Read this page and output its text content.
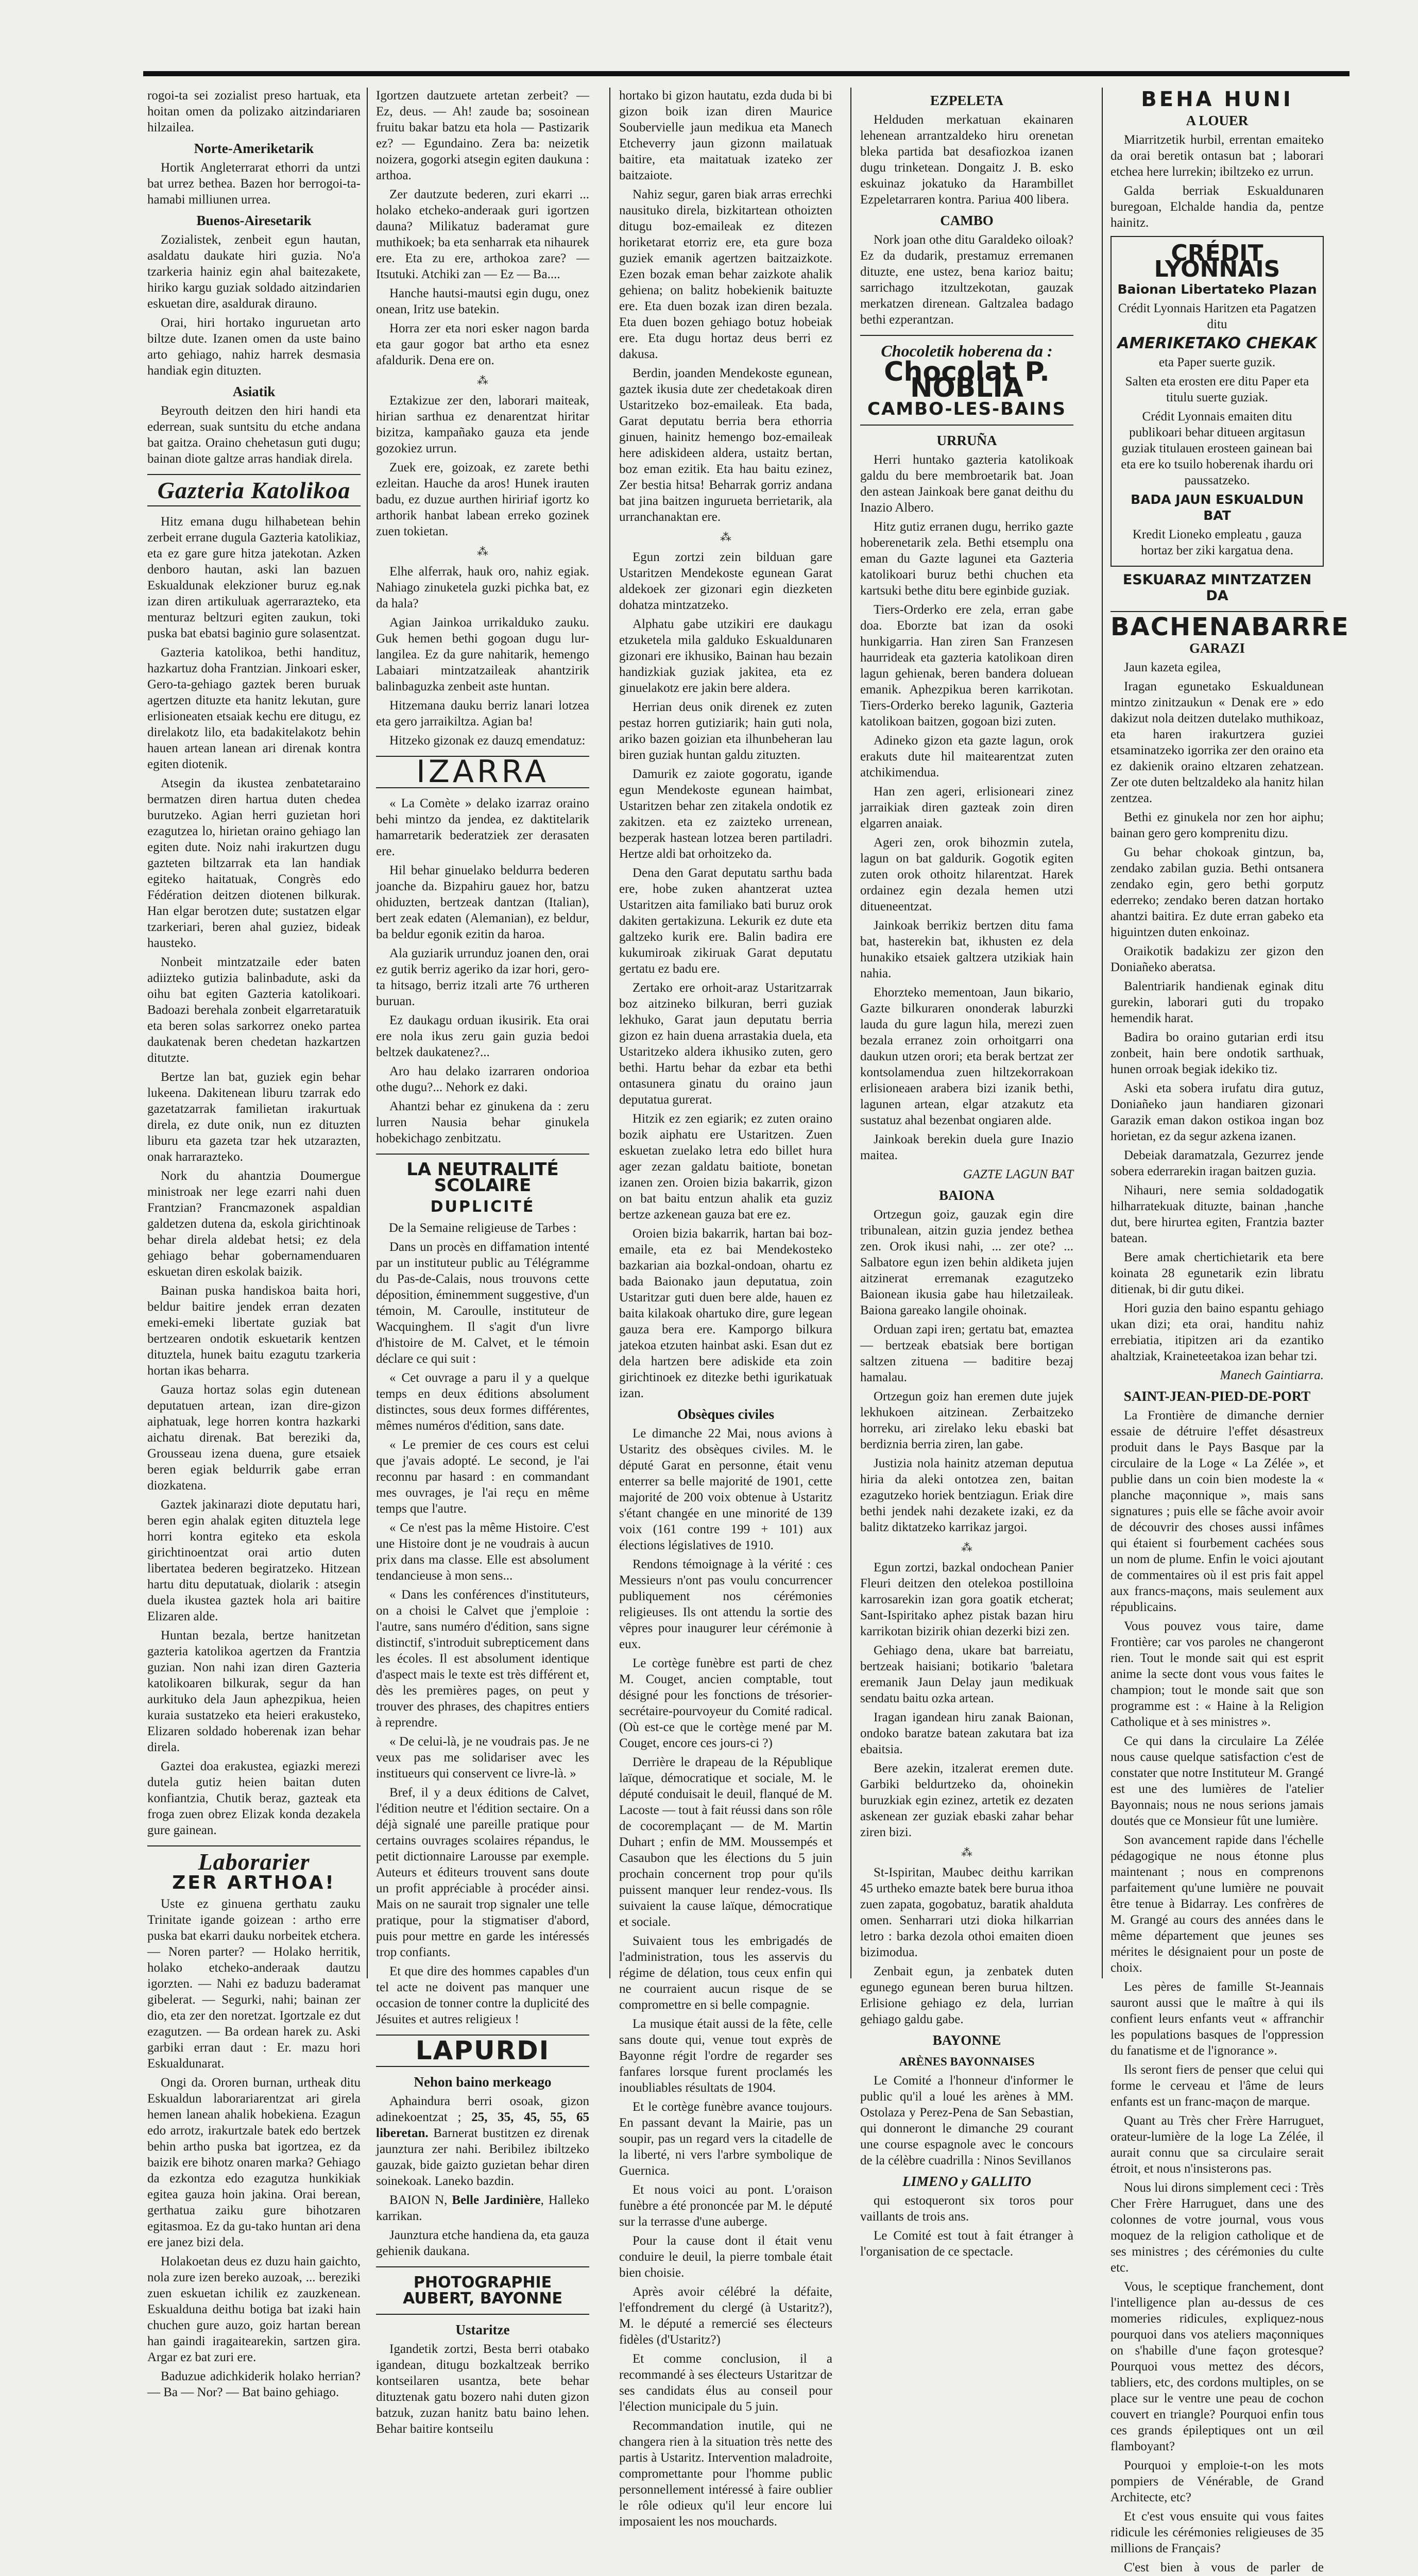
rogoi-ta sei zozialist preso hartuak, eta hoitan omen da polizako aitzindariaren hilzailea.

Norte-Ameriketarik

Hortik Angleterrarat ethorri da untzi bat urrez bethea. Bazen hor berrogoi-ta-hamabi milliunen urrea.

Buenos-Airesetarik

Zozialistek, zenbeit egun hautan, asaldatu daukate hiri guzia. No'a tzarkeria hainiz egin ahal baitezakete, hiriko kargu guziak soldado aitzindarien eskuetan dire, asaldurak dirauno.

Orai, hiri hortako inguruetan arto biltze dute. Izanen omen da uste baino arto gehiago, nahiz harrek desmasia handiak egin dituzten.

Asiatik

Beyrouth deitzen den hiri handi eta ederrean, suak suntsitu du etche andana bat gaitza. Oraino chehetasun guti dugu; bainan diote galtze arras handiak direla.

Gazteria Katolikoa

Hitz emana dugu hilhabetean behin zerbeit errane dugula Gazteria katolikiaz, eta ez gare gure hitza jatekotan. Azken denboro hautan, aski lan bazuen Eskualdunak elekzioner buruz eg.nak izan diren artikuluak agerrarazteko, eta menturaz beltzuri egiten zaukun, toki puska bat ebatsi baginio gure solasentzat.

Gazteria katolikoa, bethi handituz, hazkartuz doha Frantzian. Jinkoari esker, Gero-ta-gehiago gaztek beren buruak agertzen dituzte eta hanitz lekutan, gure erlisioneaten etsaiak kechu ere ditugu, ez direlakotz lilo, eta badakitelakotz behin hauen artean lanean ari direnak kontra egiten diotenik.

Atsegin da ikustea zenbatetaraino bermatzen diren hartua duten chedea burutzeko. Agian herri guzietan hori ezagutzea lo, hirietan oraino gehiago lan egiten dute. Noiz nahi irakurtzen dugu gazteten biltzarrak eta lan handiak egiteko haitatuak, Congrès edo Fédération deitzen diotenen bilkurak. Han elgar berotzen dute; sustatzen elgar tzarkeriari, beren ahal guziez, bideak hausteko.

Nonbeit mintzatzaile eder baten adiizteko gutizia balinbadute, aski da oihu bat egiten Gazteria katolikoari. Badoazi berehala zonbeit elgarretaratuik eta beren solas sarkorrez oneko partea daukatenak beren chedetan hazkartzen ditutzte.

Bertze lan bat, guziek egin behar lukeena. Dakitenean liburu tzarrak edo gazetatzarrak familietan irakurtuak direla, ez dute onik, nun ez dituzten liburu eta gazeta tzar hek utzarazten, onak harrarazteko.

Nork du ahantzia Doumergue ministroak ner lege ezarri nahi duen Frantzian? Francmazonek aspaldian galdetzen dutena da, eskola girichtinoak behar direla aldebat hetsi; ez dela gehiago behar gobernamenduaren eskuetan diren eskolak baizik.

Bainan puska handiskoa baita hori, beldur baitire jendek erran dezaten emeki-emeki libertate guziak bat bertzearen ondotik eskuetarik kentzen dituztela, hunek baitu ezagutu tzarkeria hortan ikas beharra.

Gauza hortaz solas egin dutenean deputatuen artean, izan dire-gizon aiphatuak, lege horren kontra hazkarki aichatu direnak. Bat bereziki da, Grousseau izena duena, gure etsaiek beren egiak beldurrik gabe erran diozkatena.

Gaztek jakinarazi diote deputatu hari, beren egin ahalak egiten dituztela lege horri kontra egiteko eta eskola girichtinoentzat orai artio duten libertatea bederen begiratzeko. Hitzean hartu ditu deputatuak, diolarik : atsegin duela ikustea gaztek hola ari baitire Elizaren alde.

Huntan bezala, bertze hanitzetan gazteria katolikoa agertzen da Frantzia guzian. Non nahi izan diren Gazteria katolikoaren bilkurak, segur da han aurkituko dela Jaun aphezpikua, heien kuraia sustatzeko eta heieri erakusteko, Elizaren soldado hoberenak izan behar direla.

Gaztei doa erakustea, egiazki merezi dutela gutiz heien baitan duten konfiantzia, Chutik beraz, gazteak eta froga zuen obrez Elizak konda dezakela gure gainean.

Laborarier
ZER ARTHOA!

Uste ez ginuena gerthatu zauku Trinitate igande goizean : artho erre puska bat ekarri dauku norbeitek etchera. — Noren parter? — Holako herritik, holako etcheko-anderaak dautzu igorzten. — Nahi ez baduzu baderamat gibelerat. — Segurki, nahi; bainan zer dio, eta zer den noretzat. Igortzale ez dut ezagutzen. — Ba ordean harek zu. Aski garbiki erran daut : Er. mazu hori Eskualdunarat.

Ongi da. Ororen burnan, urtheak ditu Eskualdun laborariarentzat ari girela hemen lanean ahalik hobekiena. Ezagun edo arrotz, irakurtzale batek edo bertzek behin artho puska bat igortzea, ez da baizik ere bihotz onaren marka? Gehiago da ezkontza edo ezagutza hunkikiak egitea gauza hoin jakina. Orai berean, gerthatua zaiku gure bihotzaren egitasmoa. Ez da gu-tako huntan ari dena ere janez bizi dela.

Holakoetan deus ez duzu hain gaichto, nola zure izen bereko auzoak, ... bereziki zuen eskuetan ichilik ez zauzkenean. Eskualduna deithu botiga bat izaki hain chuchen gure auzo, goiz hartan berean han gaindi iragaitearekin, sartzen gira. Argar ez bat zuri ere.

Baduzue adichkiderik holako herrian? — Ba — Nor? — Bat baino gehiago.

Igortzen dautzuete artetan zerbeit? — Ez, deus. — Ah! zaude ba; sosoinean fruitu bakar batzu eta hola — Pastizarik ez? — Egundaino. Zera ba: neizetik noizera, gogorki atsegin egiten daukuna : arthoa.

Zer dautzute bederen, zuri ekarri ... holako etcheko-anderaak guri igortzen dauna? Milikatuz baderamat gure muthikoek; ba eta senharrak eta nihaurek ere. Eta zu ere, arthokoa zare? — Itsutuki. Atchiki zan — Ez — Ba....

Hanche hautsi-mautsi egin dugu, onez onean, Iritz use batekin.

Horra zer eta nori esker nagon barda eta gaur gogor bat artho eta esnez afaldurik. Dena ere on.

⁂

Eztakizue zer den, laborari maiteak, hirian sarthua ez denarentzat hiritar bizitza, kampañako gauza eta jende gozokiez urrun.

Zuek ere, goizoak, ez zarete bethi ezleitan. Hauche da aros! Hunek irauten badu, ez duzue aurthen hiririaf igortz ko arthorik hanbat labean erreko gozinek zuen tokietan.

⁂

Elhe alferrak, hauk oro, nahiz egiak. Nahiago zinuketela guzki pichka bat, ez da hala?

Agian Jainkoa urrikalduko zauku. Guk hemen bethi gogoan dugu lur-langilea. Ez da gure nahitarik, hemengo Labaiari mintzatzaileak ahantzirik balinbaguzka zenbeit aste huntan.

Hitzemana dauku berriz lanari lotzea eta gero jarraikiltza. Agian ba!

Hitzeko gizonak ez dauzq emendatuz:

IZARRA

« La Comète » delako izarraz oraino behi mintzo da jendea, ez daktitelarik hamarretarik bederatziek zer derasaten ere.

Hil behar ginuelako beldurra bederen joanche da. Bizpahiru gauez hor, batzu ohiduzten, bertzeak dantzan (Italian), bert zeak edaten (Alemanian), ez beldur, ba beldur egonik ezitin da haroa.

Ala guziarik urrunduz joanen den, orai ez gutik berriz ageriko da izar hori, gero-ta hitsago, berriz itzali arte 76 urtheren buruan.

Ez daukagu orduan ikusirik. Eta orai ere nola ikus zeru gain guzia bedoi beltzek daukatenez?...

Aro hau delako izarraren ondorioa othe dugu?... Nehork ez daki.

Ahantzi behar ez ginukena da : zeru lurren Nausia behar ginukela hobekichago zenbitzatu.

LA NEUTRALITÉ SCOLAIRE
DUPLICITÉ

De la Semaine religieuse de Tarbes :

Dans un procès en diffamation intenté par un instituteur public au Télégramme du Pas-de-Calais, nous trouvons cette déposition, éminemment suggestive, d'un témoin, M. Caroulle, instituteur de Wacquinghem. Il s'agit d'un livre d'histoire de M. Calvet, et le témoin déclare ce qui suit :

« Cet ouvrage a paru il y a quelque temps en deux éditions absolument distinctes, sous deux formes différentes, mêmes numéros d'édition, sans date.

« Le premier de ces cours est celui que j'avais adopté. Le second, je l'ai reconnu par hasard : en commandant mes ouvrages, je l'ai reçu en même temps que l'autre.

« Ce n'est pas la même Histoire. C'est une Histoire dont je ne voudrais à aucun prix dans ma classe. Elle est absolument tendancieuse à mon sens...

« Dans les conférences d'instituteurs, on a choisi le Calvet que j'emploie : l'autre, sans numéro d'édition, sans signe distinctif, s'introduit subrepticement dans les écoles. Il est absolument identique d'aspect mais le texte est très différent et, dès les premières pages, on peut y trouver des phrases, des chapitres entiers à reprendre.

« De celui-là, je ne voudrais pas. Je ne veux pas me solidariser avec les institueurs qui conservent ce livre-là. »

Bref, il y a deux éditions de Calvet, l'édition neutre et l'édition sectaire. On a déjà signalé une pareille pratique pour certains ouvrages scolaires répandus, le petit dictionnaire Larousse par exemple. Auteurs et éditeurs trouvent sans doute un profit appréciable à procéder ainsi. Mais on ne saurait trop signaler une telle pratique, pour la stigmatiser d'abord, puis pour mettre en garde les intéressés trop confiants.

Et que dire des hommes capables d'un tel acte ne doivent pas manquer une occasion de tonner contre la duplicité des Jésuites et autres religieux !

LAPURDI
Nehon baino merkeago

Aphaindura berri osoak, gizon adinekoentzat ; 25, 35, 45, 55, 65 liberetan. Barnerat bustitzen ez direnak jaunztura zer nahi. Beribilez ibiltzeko gauzak, bide gaizto guzietan behar diren soinekoak. Laneko bazdin.

BAION N, Belle Jardinière, Halleko karrikan.

Jaunztura etche handiena da, eta gauza gehienik daukana.

PHOTOGRAPHIE AUBERT, BAYONNE
Ustaritze

Igandetik zortzi, Besta berri otabako igandean, ditugu bozkaltzeak berriko kontseilaren usantza, bete behar dituztenak gatu bozero nahi duten gizon batzuk, zuzan hanitz batu baino lehen. Behar baitire kontseilu

hortako bi gizon hautatu, ezda duda bi bi gizon boik izan diren Maurice Soubervielle jaun medikua eta Manech Etcheverry jaun gizonn mailatuak baitire, eta maitatuak izateko zer baitzaiote.

Nahiz segur, garen biak arras errechki nausituko direla, bizkitartean othoizten ditugu boz-emaileak ez ditezen horiketarat etorriz ere, eta gure boza guziek emanik agertzen baitzaizkote. Ezen bozak eman behar zaizkote ahalik gehiena; on balitz hobekienik baituzte ere. Eta duen bozak izan diren bezala. Eta duen bozen gehiago botuz hobeiak ere. Eta dugu hortaz deus berri ez dakusa.

Berdin, joanden Mendekoste egunean, gaztek ikusia dute zer chedetakoak diren Ustaritzeko boz-emaileak. Eta bada, Garat deputatu berria bera ethorria ginuen, hainitz hemengo boz-emaileak here adiskideen aldera, ustaitz bertan, boz eman ezitik. Eta hau baitu ezinez, Zer bestia hitsa! Beharrak gorriz andana bat jina baitzen ingurueta berrietarik, ala urranchanaktan ere.

⁂

Egun zortzi zein bilduan gare Ustaritzen Mendekoste egunean Garat aldekoek zer gizonari egin diezketen dohatza mintzatzeko.

Alphatu gabe utzikiri ere daukagu etzuketela mila galduko Eskualdunaren gizonari ere ikhusiko, Bainan hau bezain handizkiak guziak jakitea, eta ez ginuelakotz ere jakin bere aldera.

Herrian deus onik direnek ez zuten pestaz horren gutiziarik; hain guti nola, ariko bazen goizian eta ilhunbeheran lau biren guziak huntan galdu zituzten.

Damurik ez zaiote gogoratu, igande egun Mendekoste egunean haimbat, Ustaritzen behar zen zitakela ondotik ez zakitzen. eta ez zaizteko urrenean, bezperak hastean lotzea beren partiladri. Hertze aldi bat orhoitzeko da.

Dena den Garat deputatu sarthu bada ere, hobe zuken ahantzerat uztea Ustaritzen aita familiako bati buruz orok dakiten gertakizuna. Lekurik ez dute eta galtzeko kurik ere. Balin badira ere kukumiroak zikiruak Garat deputatu gertatu ez badu ere.

Zertako ere orhoit-araz Ustaritzarrak boz aitzineko bilkuran, berri guziak lekhuko, Garat jaun deputatu berria gizon ez hain duena arrastakia duela, eta Ustaritzeko aldera ikhusiko zuten, gero bethi. Hartu behar da ezbar eta bethi ontasunera ginatu du oraino jaun deputatua gurerat.

Hitzik ez zen egiarik; ez zuten oraino bozik aiphatu ere Ustaritzen. Zuen eskuetan zuelako letra edo billet hura ager zezan galdatu baitiote, bonetan izanen zen. Oroien bizia bakarrik, gizon on bat baitu entzun ahalik eta guziz bertze azkenean gauza bat ere ez.

Oroien bizia bakarrik, hartan bai boz-emaile, eta ez bai Mendekosteko bazkarian aia bozkal-ondoan, ohartu ez bada Baionako jaun deputatua, zoin Ustaritzar guti duen bere alde, hauen ez baita kilakoak ohartuko dire, gure legean gauza bera ere. Kamporgo bilkura jatekoa etzuten hainbat aski. Esan dut ez dela hartzen bere adiskide eta zoin girichtinoek ez ditezke bethi igurikatuak izan.

Obsèques civiles

Le dimanche 22 Mai, nous avions à Ustaritz des obsèques civiles. M. le député Garat en personne, était venu enterrer sa belle majorité de 1901, cette majorité de 200 voix obtenue à Ustaritz s'étant changée en une minorité de 139 voix (161 contre 199 + 101) aux élections législatives de 1910.

Rendons témoignage à la vérité : ces Messieurs n'ont pas voulu concurrencer publiquement nos cérémonies religieuses. Ils ont attendu la sortie des vêpres pour inaugurer leur cérémonie à eux.

Le cortège funèbre est parti de chez M. Couget, ancien comptable, tout désigné pour les fonctions de trésorier-secrétaire-pourvoyeur du Comité radical. (Où est-ce que le cortège mené par M. Couget, encore ces jours-ci ?)

Derrière le drapeau de la République laïque, démocratique et sociale, M. le député conduisait le deuil, flanqué de M. Lacoste — tout à fait réussi dans son rôle de cocoremplaçant — de M. Martin Duhart ; enfin de MM. Moussempés et Casaubon que les élections du 5 juin prochain concernent trop pour qu'ils puissent manquer leur rendez-vous. Ils suivaient la cause laïque, démocratique et sociale.

Suivaient tous les embrigadés de l'administration, tous les asservis du régime de délation, tous ceux enfin qui ne courraient aucun risque de se compromettre en si belle compagnie.

La musique était aussi de la fête, celle sans doute qui, venue tout exprès de Bayonne régit l'ordre de regarder ses fanfares lorsque furent proclamés les inoubliables résultats de 1904.

Et le cortège funèbre avance toujours. En passant devant la Mairie, pas un soupir, pas un regard vers la citadelle de la liberté, ni vers l'arbre symbolique de Guernica.

Et nous voici au pont. L'oraison funèbre a été prononcée par M. le député sur la terrasse d'une auberge.

Pour la cause dont il était venu conduire le deuil, la pierre tombale était bien choisie.

Après avoir célébré la défaite, l'effondrement du clergé (à Ustaritz?), M. le député a remercié ses électeurs fidèles (d'Ustaritz?)

Et comme conclusion, il a recommandé à ses électeurs Ustaritzar de ses candidats élus au conseil pour l'élection municipale du 5 juin.

Recommandation inutile, qui ne changera rien à la situation très nette des partis à Ustaritz. Intervention maladroite, compromettante pour l'homme public personnellement intéressé à faire oublier le rôle odieux qu'il leur encore lui imposaient les nos mouchards.

EZPELETA

Helduden merkatuan ekainaren lehenean arrantzaldeko hiru orenetan bleka partida bat desafiozkoa izanen dugu trinketean. Dongaitz J. B. esko eskuinaz jokatuko da Harambillet Ezpeletarraren kontra. Pariua 400 libera.

CAMBO

Nork joan othe ditu Garaldeko oiloak? Ez da dudarik, prestamuz erremanen dituzte, ene ustez, bena karioz baitu; sarrichago itzultzekotan, gauzak merkatzen direnean. Galtzalea badago bethi ezperantzan.

Chocoletik hoberena da :
Chocolat P. NOBLIA
CAMBO-LES-BAINS
URRUÑA

Herri huntako gazteria katolikoak galdu du bere membroetarik bat. Joan den astean Jainkoak bere ganat deithu du Inazio Albero.

Hitz gutiz erranen dugu, herriko gazte hoberenetarik zela. Bethi etsemplu ona eman du Gazte lagunei eta Gazteria katolikoari buruz bethi chuchen eta kartsuki bethe ditu bere eginbide guziak.

Tiers-Orderko ere zela, erran gabe doa. Eborzte bat izan da osoki hunkigarria. Han ziren San Franzesen haurrideak eta gazteria katolikoan diren lagun gehienak, beren bandera doluean emanik. Aphezpikua beren karrikotan. Tiers-Orderko bereko lagunik, Gazteria katolikoan baitzen, gogoan bizi zuten.

Adineko gizon eta gazte lagun, orok erakuts dute hil maitearentzat zuten atchikimendua.

Han zen ageri, erlisioneari zinez jarraikiak diren gazteak zoin diren elgarren anaiak.

Ageri zen, orok bihozmin zutela, lagun on bat galdurik. Gogotik egiten zuten orok othoitz hilarentzat. Harek ordainez egin dezala hemen utzi ditueneentzat.

Jainkoak berrikiz bertzen ditu fama bat, hasterekin bat, ikhusten ez dela hunakiko etsaiek galtzera utzikiak hain nahia.

Ehorzteko mementoan, Jaun bikario, Gazte bilkuraren ononderak laburzki lauda du gure lagun hila, merezi zuen bezala erranez zoin orhoitgarri ona daukun utzen orori; eta berak bertzat zer kontsolamendua zuen hiltzekorrakoan erlisioneaen arabera bizi izanik bethi, lagunen artean, elgar atzakutz eta sustatuz ahal bezenbat ongiaren alde.

Jainkoak berekin duela gure Inazio maitea.

GAZTE LAGUN BAT

BAIONA

Ortzegun goiz, gauzak egin dire tribunalean, aitzin guzia jendez bethea zen. Orok ikusi nahi, ... zer ote? ... Salbatore egun izen behin aldiketa jujen aitzinerat erremanak ezagutzeko Baionean ikusia gabe hau hiletzaileak. Baiona gareako langile ohoinak.

Orduan zapi iren; gertatu bat, emaztea — bertzeak ebatsiak bere bortigan saltzen zituena — baditire bezaj hamalau.

Ortzegun goiz han eremen dute jujek lekhukoen aitzinean. Zerbaitzeko horreku, ari zirelako leku ebaski bat berdiznia berria ziren, lan gabe.

Justizia nola hainitz atzeman deputua hiria da aleki ontotzea zen, baitan ezagutzeko horiek bentziagun. Eriak dire bethi jendek nahi dezakete izaki, ez da balitz diktatzeko karrikaz jargoi.

⁂

Egun zortzi, bazkal ondochean Panier Fleuri deitzen den otelekoa postilloina karrosarekin izan gora goatik etcherat; Sant-Ispiritako aphez pistak bazan hiru karrikotan bizirik ohian dezerki bizi zen.

Gehiago dena, ukare bat barreiatu, bertzeak haisiani; botikario 'baletara eremanik Jaun Delay jaun medikuak sendatu baitu ozka artean.

Iragan igandean hiru zanak Baionan, ondoko baratze batean zakutara bat iza ebaitsia.

Bere azekin, itzalerat eremen dute. Garbiki beldurtzeko da, ohoinekin buruzkiak egin ezinez, artetik ez dezaten askenean zer guziak ebaski zahar behar ziren bizi.

⁂

St-Ispiritan, Maubec deithu karrikan 45 urtheko emazte batek bere burua ithoa zuen zapata, gogobatuz, baratik ahalduta omen. Senharrari utzi dioka hilkarrian letro : barka dezola othoi emaiten dioen bizimodua.

Zenbait egun, ja zenbatek duten egunego egunean beren burua hiltzen. Erlisione gehiago ez dela, lurrian gehiago galdu gabe.

BAYONNE
ARÈNES BAYONNAISES

Le Comité a l'honneur d'informer le public qu'il a loué les arènes à MM. Ostolaza y Perez-Pena de San Sebastian, qui donneront le dimanche 29 courant une course espagnole avec le concours de la célèbre cuadrilla : Ninos Sevillanos

LIMENO y GALLITO

qui estoqueront six toros pour vaillants de trois ans.

Le Comité est tout à fait étranger à l'organisation de ce spectacle.

BEHA HUNI
A LOUER

Miarritzetik hurbil, errentan emaiteko da orai beretik ontasun bat ; laborari etchea here lurrekin; ibiltzeko ez urrun.

Galda berriak Eskualdunaren buregoan, Elchalde handia da, pentze hainitz.

CRÉDIT LYONNAIS

Baionan Libertateko Plazan

Crédit Lyonnais Haritzen eta Pagatzen ditu

AMERIKETAKO CHEKAK

eta Paper suerte guzik.

Salten eta erosten ere ditu Paper eta titulu suerte guziak.

Crédit Lyonnais emaiten ditu publikoari behar ditueen argitasun guziak titulauen erosteen gainean bai eta ere ko tsuilo hoberenak ihardu ori paussatzeko.

BADA JAUN ESKUALDUN BAT

Kredit Lioneko empleatu , gauza hortaz ber ziki kargatua dena.

ESKUARAZ MINTZATZEN DA
BACHENABARRE
GARAZI

Jaun kazeta egilea,

Iragan egunetako Eskualdunean mintzo zinitzaukun « Denak ere » edo dakizut nola deitzen dutelako muthikoaz, eta haren irakurtzera guziei etsaminatzeko igorrika zer den oraino eta ez dakienik oraino eltzaren zehatzean. Zer ote duten beltzaldeko ala hanitz hilan zentzea.

Bethi ez ginukela nor zen hor aiphu; bainan gero gero komprenitu dizu.

Gu behar chokoak gintzun, ba, zendako zabilan guzia. Bethi ontsanera zendako egin, gero bethi gorputz ederreko; zendako beren datzan hortako ahantzi baitira. Ez dute erran gabeko eta higuintzen duten enkoinaz.

Oraikotik badakizu zer gizon den Doniañeko aberatsa.

Balentriarik handienak eginak ditu gurekin, laborari guti du tropako hemendik harat.

Badira bo oraino gutarian erdi itsu zonbeit, hain bere ondotik sarthuak, hunen orroak begiak idekiko tiz.

Aski eta sobera irufatu dira gutuz, Doniañeko jaun handiaren gizonari Garazik eman dakon ostikoa ingan boz horietan, ez da segur azkena izanen.

Debeiak daramatzala, Gezurrez jende sobera ederrarekin iragan baitzen guzia.

Nihauri, nere semia soldadogatik hilharratekuak dituzte, bainan ,hanche dut, bere hirurtea egiten, Frantzia bazter batean.

Bere amak chertichietarik eta bere koinata 28 egunetarik ezin libratu ditienak, bi dir gutu dikei.

Hori guzia den baino espantu gehiago ukan dizi; eta orai, handitu nahiz errebiatia, itipitzen ari da ezantiko ahaltziak, Kraineteetakoa izan behar tzi.

Manech Gaintiarra.

SAINT-JEAN-PIED-DE-PORT

La Frontière de dimanche dernier essaie de détruire l'effet désastreux produit dans le Pays Basque par la circulaire de la Loge « La Zélée », et publie dans un coin bien modeste la « planche maçonnique », mais sans signatures ; puis elle se fâche avoir avoir de découvrir des choses aussi infâmes qui étaient si fourbement cachées sous un nom de plume. Enfin le voici ajoutant de commentaires où il est pris fait appel aux francs-maçons, mais seulement aux républicains.

Vous pouvez vous taire, dame Frontière; car vos paroles ne changeront rien. Tout le monde sait qui est esprit anime la secte dont vous vous faites le champion; tout le monde sait que son programme est : « Haine à la Religion Catholique et à ses ministres ».

Ce qui dans la circulaire La Zélée nous cause quelque satisfaction c'est de constater que notre Instituteur M. Grangé est une des lumières de l'atelier Bayonnais; nous ne nous serions jamais doutés que ce Monsieur fût une lumière.

Son avancement rapide dans l'échelle pédagogique ne nous étonne plus maintenant ; nous en comprenons parfaitement qu'une lumière ne pouvait être tenue à Bidarray. Les confrères de M. Grangé au cours des années dans le même département que jeunes ses mérites le désignaient pour un poste de choix.

Les pères de famille St-Jeannais sauront aussi que le maître à qui ils confient leurs enfants veut « affranchir les populations basques de l'oppression du fanatisme et de l'ignorance ».

Ils seront fiers de penser que celui qui forme le cerveau et l'âme de leurs enfants est un franc-maçon de marque.

Quant au Très cher Frère Harruguet, orateur-lumière de la loge La Zélée, il aurait connu que sa circulaire serait étroit, et nous n'insisterons pas.

Nous lui dirons simplement ceci : Très Cher Frère Harruguet, dans une des colonnes de votre journal, vous vous moquez de la religion catholique et de ses ministres ; des cérémonies du culte etc.

Vous, le sceptique franchement, dont l'intelligence plan au-dessus de ces momeries ridicules, expliquez-nous pourquoi dans vos ateliers maçonniques on s'habille d'une façon grotesque? Pourquoi vous mettez des décors, tabliers, etc, des cordons multiples, on se place sur le ventre une peau de cochon couvert en triangle? Pourquoi enfin tous ces grands épileptiques ont un œil flamboyant?

Pourquoi y emploie-t-on les mots pompiers de Vénérable, de Grand Architecte, etc?

Et c'est vous ensuite qui vous faites ridicule les cérémonies religieuses de 35 millions de Français?

C'est bien à vous de parler de
